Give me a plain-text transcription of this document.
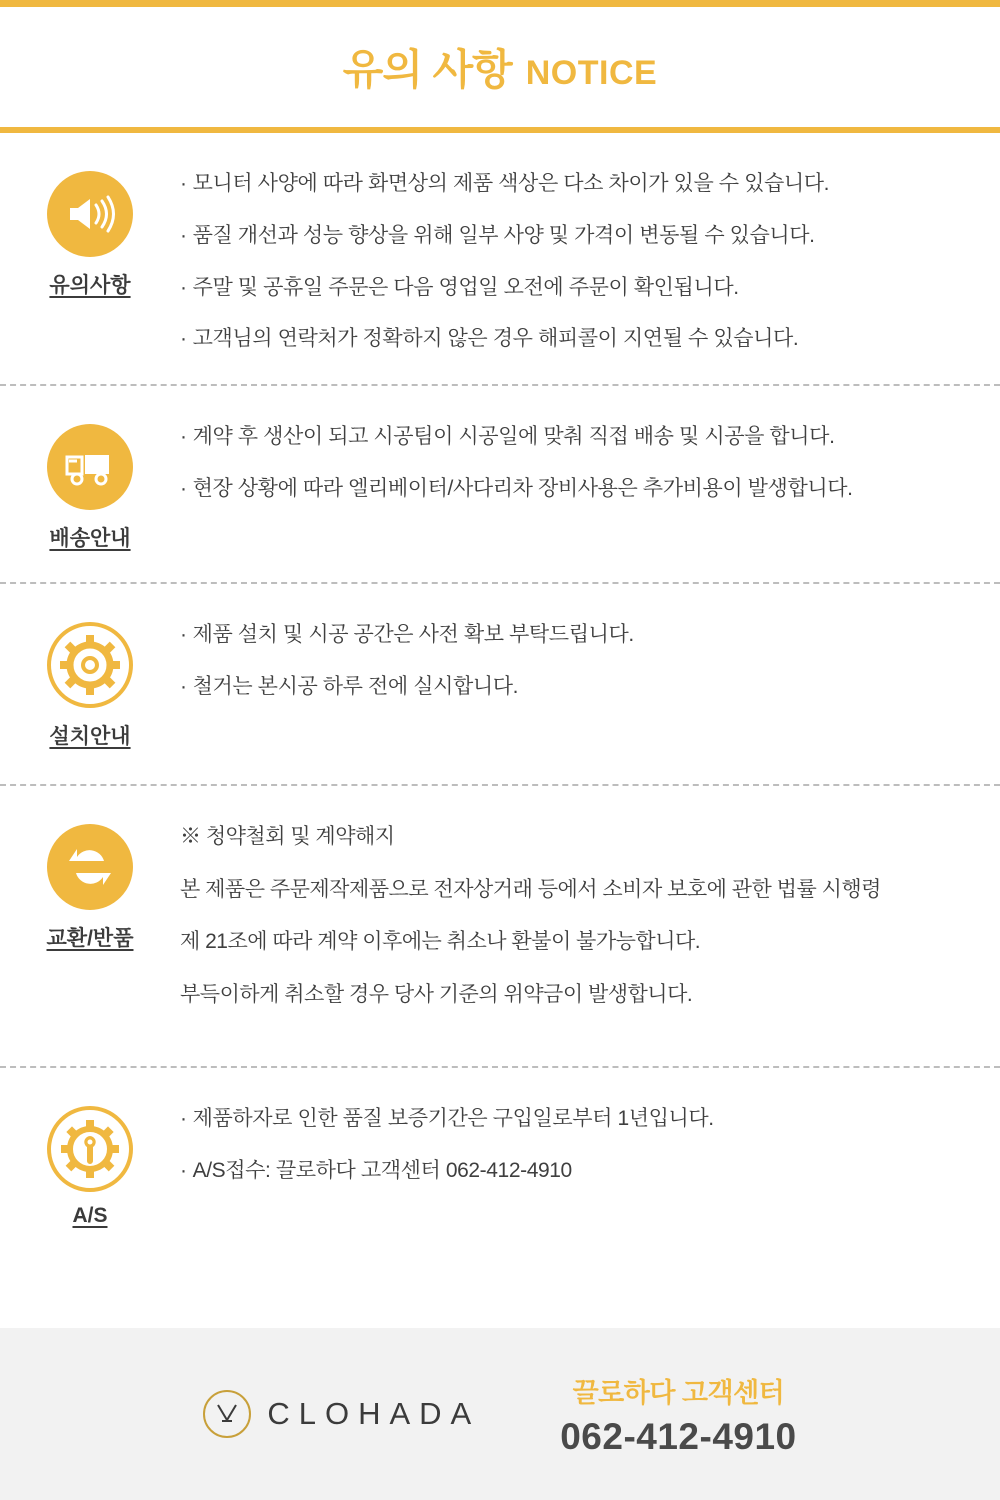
유의 사항 NOTICE
유의사항
· 모니터 사양에 따라 화면상의 제품 색상은 다소 차이가 있을 수 있습니다.
· 품질 개선과 성능 향상을 위해 일부 사양 및 가격이 변동될 수 있습니다.
· 주말 및 공휴일 주문은 다음 영업일 오전에 주문이 확인됩니다.
· 고객님의 연락처가 정확하지 않은 경우 해피콜이 지연될 수 있습니다.
배송안내
· 계약 후 생산이 되고 시공팀이 시공일에 맞춰 직접 배송 및 시공을 합니다.
· 현장 상황에 따라 엘리베이터/사다리차 장비사용은 추가비용이 발생합니다.
설치안내
· 제품 설치 및 시공 공간은 사전 확보 부탁드립니다.
· 철거는 본시공 하루 전에 실시합니다.
교환/반품
※ 청약철회 및 계약해지
본 제품은 주문제작제품으로 전자상거래 등에서 소비자 보호에 관한 법률 시행령
제 21조에 따라 계약 이후에는 취소나 환불이 불가능합니다.
부득이하게 취소할 경우 당사 기준의 위약금이 발생합니다.
A/S
· 제품하자로 인한 품질 보증기간은 구입일로부터 1년입니다.
· A/S접수: 끌로하다 고객센터 062-412-4910
CLOHADA
끌로하다 고객센터
062-412-4910
